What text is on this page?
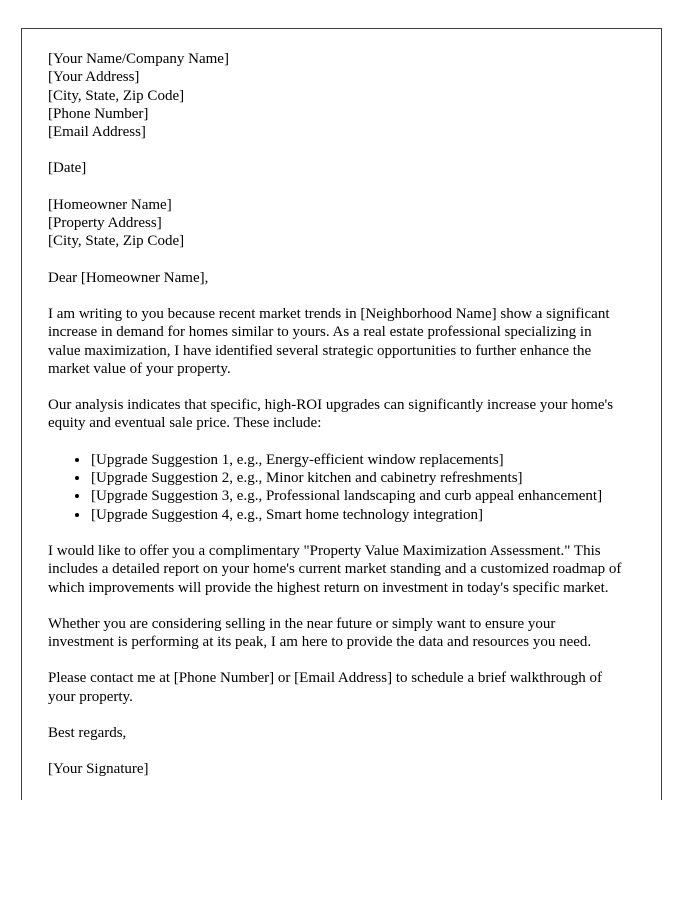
[Your Name/Company Name]
[Your Address]
[City, State, Zip Code]
[Phone Number]
[Email Address]
[Date]
[Homeowner Name]
[Property Address]
[City, State, Zip Code]

Dear [Homeowner Name],

I am writing to you because recent market trends in [Neighborhood Name] show a significant increase in demand for homes similar to yours. As a real estate professional specializing in value maximization, I have identified several strategic opportunities to further enhance the market value of your property.

Our analysis indicates that specific, high-ROI upgrades can significantly increase your home's equity and eventual sale price. These include:

• [Upgrade Suggestion 1, e.g., Energy-efficient window replacements]
• [Upgrade Suggestion 2, e.g., Minor kitchen and cabinetry refreshments]
• [Upgrade Suggestion 3, e.g., Professional landscaping and curb appeal enhancement]
• [Upgrade Suggestion 4, e.g., Smart home technology integration]

I would like to offer you a complimentary "Property Value Maximization Assessment." This includes a detailed report on your home's current market standing and a customized roadmap of which improvements will provide the highest return on investment in today's specific market.

Whether you are considering selling in the near future or simply want to ensure your investment is performing at its peak, I am here to provide the data and resources you need.

Please contact me at [Phone Number] or [Email Address] to schedule a brief walkthrough of your property.

Best regards,

[Your Signature]
